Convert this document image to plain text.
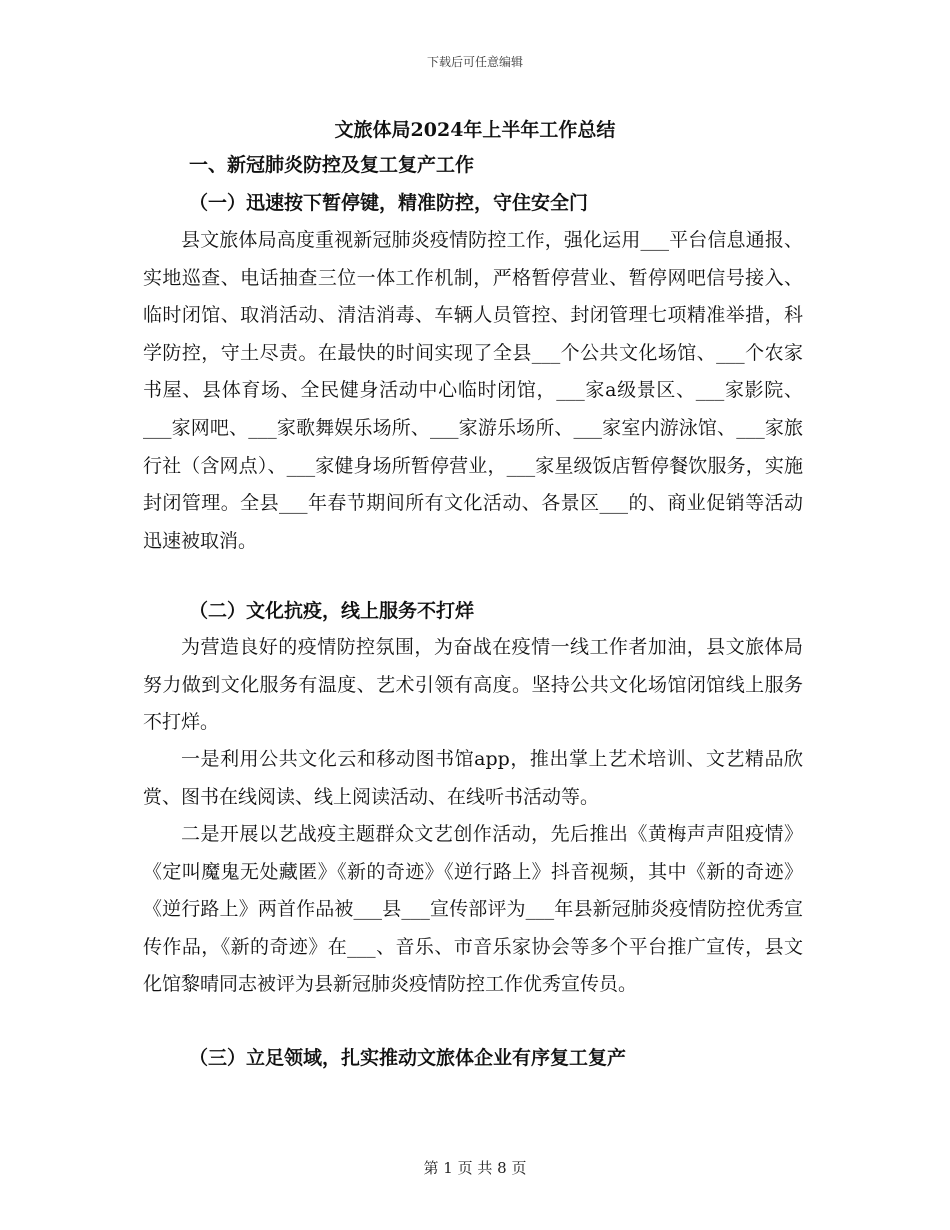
下载后可任意编辑
文旅体局2024年上半年工作总结
一、新冠肺炎防控及复工复产工作
（一）迅速按下暂停键，精准防控，守住安全门

县文旅体局高度重视新冠肺炎疫情防控工作，强化运用___平台信息通报、实地巡查、电话抽查三位一体工作机制，严格暂停营业、暂停网吧信号接入、临时闭馆、取消活动、清洁消毒、车辆人员管控、封闭管理七项精准举措，科学防控，守土尽责。在最快的时间实现了全县___个公共文化场馆、___个农家书屋、县体育场、全民健身活动中心临时闭馆，___家a级景区、___家影院、___家网吧、___家歌舞娱乐场所、___家游乐场所、___家室内游泳馆、___家旅行社（含网点）、___家健身场所暂停营业，___家星级饭店暂停餐饮服务，实施封闭管理。全县___年春节期间所有文化活动、各景区___的、商业促销等活动迅速被取消。

（二）文化抗疫，线上服务不打烊

为营造良好的疫情防控氛围，为奋战在疫情一线工作者加油，县文旅体局努力做到文化服务有温度、艺术引领有高度。坚持公共文化场馆闭馆线上服务不打烊。

一是利用公共文化云和移动图书馆app，推出掌上艺术培训、文艺精品欣赏、图书在线阅读、线上阅读活动、在线听书活动等。

二是开展以艺战疫主题群众文艺创作活动，先后推出《黄梅声声阻疫情》《定叫魔鬼无处藏匿》《新的奇迹》《逆行路上》抖音视频，其中《新的奇迹》《逆行路上》两首作品被___县___宣传部评为___年县新冠肺炎疫情防控优秀宣传作品，《新的奇迹》在___、音乐、市音乐家协会等多个平台推广宣传，县文化馆黎晴同志被评为县新冠肺炎疫情防控工作优秀宣传员。

（三）立足领域，扎实推动文旅体企业有序复工复产
第 1 页 共 8 页
